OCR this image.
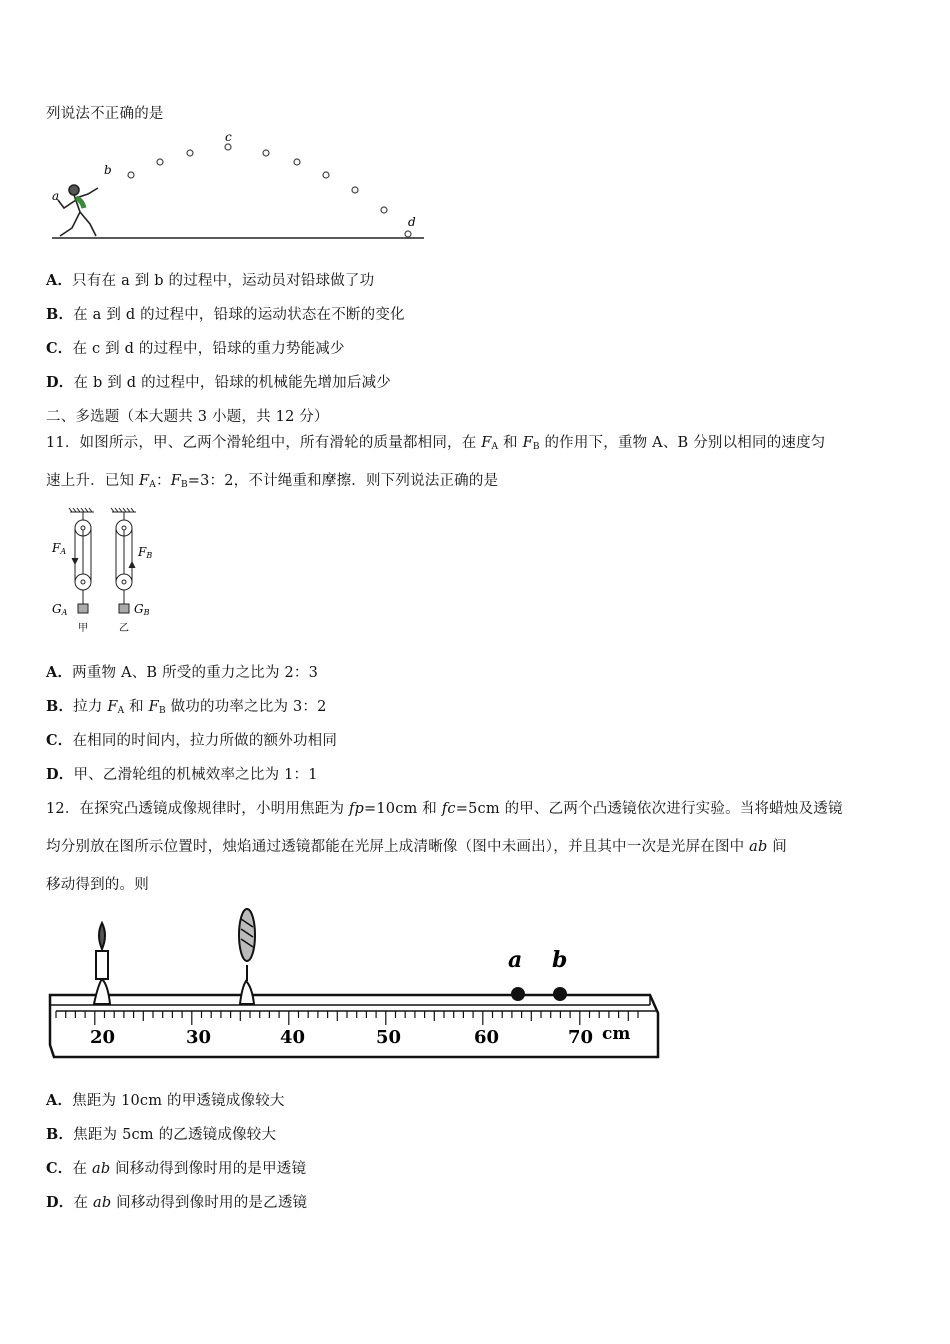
列说法不正确的是
a
b
c
d
A．只有在 a 到 b 的过程中，运动员对铅球做了功
B．在 a 到 d 的过程中，铅球的运动状态在不断的变化
C．在 c 到 d 的过程中，铅球的重力势能减少
D．在 b 到 d 的过程中，铅球的机械能先增加后减少
二、多选题（本大题共 3 小题，共 12 分）
11．如图所示，甲、乙两个滑轮组中，所有滑轮的质量都相同，在 $F_A$ 和 $F_B$ 的作用下，重物 A、B 分别以相同的速度匀
速上升．已知 $F_A$：$F_B=3$：2，不计绳重和摩擦．则下列说法正确的是
FA	FB
GA	GB
甲	乙
A．两重物 A、B 所受的重力之比为 2：3
B．拉力 $F_A$ 和 $F_B$ 做功的功率之比为 3：2
C．在相同的时间内，拉力所做的额外功相同
D．甲、乙滑轮组的机械效率之比为 1：1
12．在探究凸透镜成像规律时，小明用焦距为 fp=10cm 和 fc=5cm 的甲、乙两个凸透镜依次进行实验。当将蜡烛及透镜
均分别放在图所示位置时，烛焰通过透镜都能在光屏上成清晰像（图中未画出），并且其中一次是光屏在图中 ab 间
移动得到的。则
a b
20	30	40	50	60	70 cm
A．焦距为 10cm 的甲透镜成像较大
B．焦距为 5cm 的乙透镜成像较大
C．在 ab 间移动得到像时用的是甲透镜
D．在 ab 间移动得到像时用的是乙透镜
